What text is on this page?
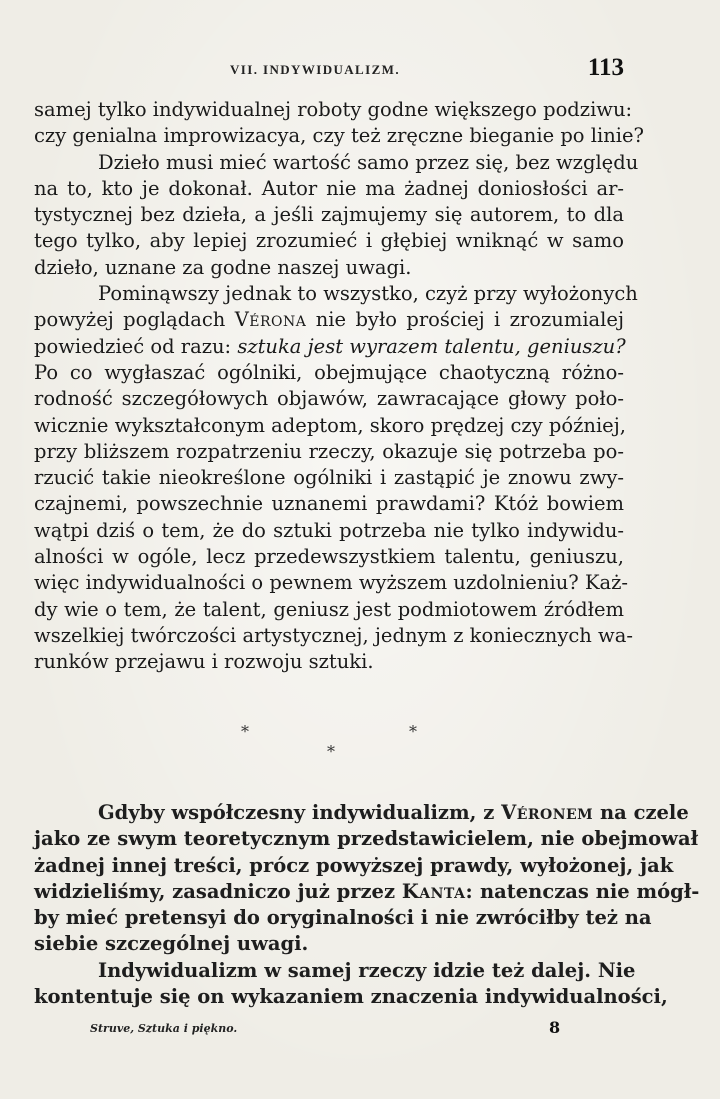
VII. INDYWIDUALIZM.	113
samej tylko indywidualnej roboty godne większego podziwu:
czy genialna improwizacya, czy też zręczne bieganie po linie?
Dzieło musi mieć wartość samo przez się, bez względu
na to, kto je dokonał. Autor nie ma żadnej doniosłości ar-
tystycznej bez dzieła, a jeśli zajmujemy się autorem, to dla
tego tylko, aby lepiej zrozumieć i głębiej wniknąć w samo
dzieło, uznane za godne naszej uwagi.
Pominąwszy jednak to wszystko, czyż przy wyłożonych
powyżej poglądach Vérona nie było prościej i zrozumialej
powiedzieć od razu: sztuka jest wyrazem talentu, geniuszu?
Po co wygłaszać ogólniki, obejmujące chaotyczną różno-
rodność szczegółowych objawów, zawracające głowy poło-
wicznie wykształconym adeptom, skoro prędzej czy później,
przy bliższem rozpatrzeniu rzeczy, okazuje się potrzeba po-
rzucić takie nieokreślone ogólniki i zastąpić je znowu zwy-
czajnemi, powszechnie uznanemi prawdami? Któż bowiem
wątpi dziś o tem, że do sztuki potrzeba nie tylko indywidu-
alności w ogóle, lecz przedewszystkiem talentu, geniuszu,
więc indywidualności o pewnem wyższem uzdolnieniu? Każ-
dy wie o tem, że talent, geniusz jest podmiotowem źródłem
wszelkiej twórczości artystycznej, jednym z koniecznych wa-
runków przejawu i rozwoju sztuki.
*	*
*
Gdyby współczesny indywidualizm, z Véronem na czele
jako ze swym teoretycznym przedstawicielem, nie obejmował
żadnej innej treści, prócz powyższej prawdy, wyłożonej, jak
widzieliśmy, zasadniczo już przez Kanta: natenczas nie mógł-
by mieć pretensyi do oryginalności i nie zwróciłby też na
siebie szczególnej uwagi.
Indywidualizm w samej rzeczy idzie też dalej. Nie
kontentuje się on wykazaniem znaczenia indywidualności,
Struve, Sztuka i piękno.	8
